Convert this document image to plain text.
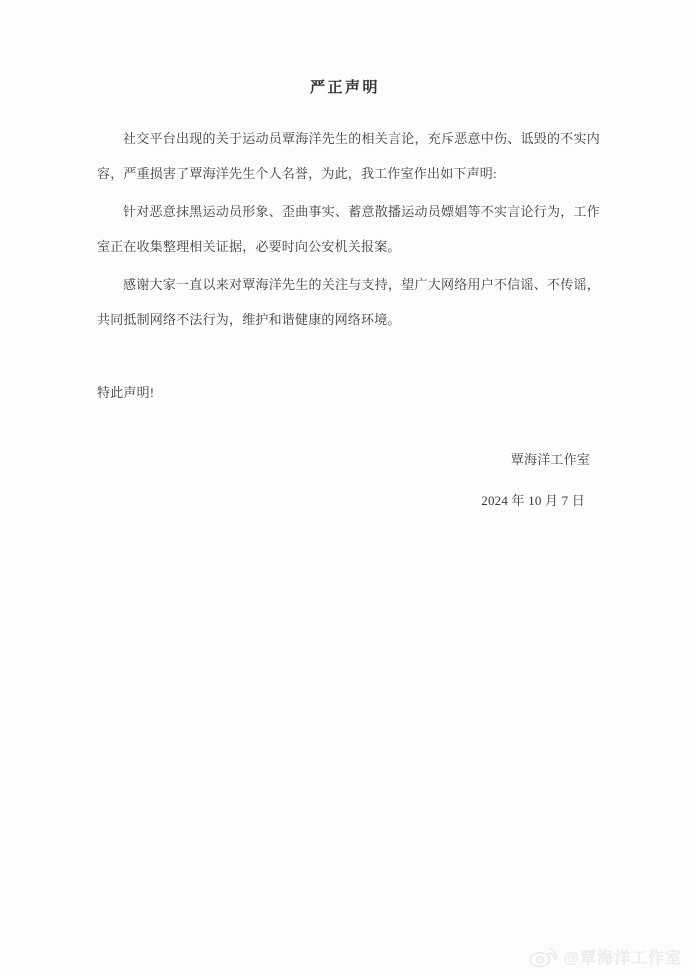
严正声明

社交平台出现的关于运动员覃海洋先生的相关言论，充斥恶意中伤、诋毁的不实内容，严重损害了覃海洋先生个人名誉，为此，我工作室作出如下声明:

针对恶意抹黑运动员形象、歪曲事实、蓄意散播运动员嫖娼等不实言论行为，工作室正在收集整理相关证据，必要时向公安机关报案。

感谢大家一直以来对覃海洋先生的关注与支持，望广大网络用户不信谣、不传谣，共同抵制网络不法行为，维护和谐健康的网络环境。

特此声明!

覃海洋工作室

2024 年 10 月 7 日

@覃海洋工作室
